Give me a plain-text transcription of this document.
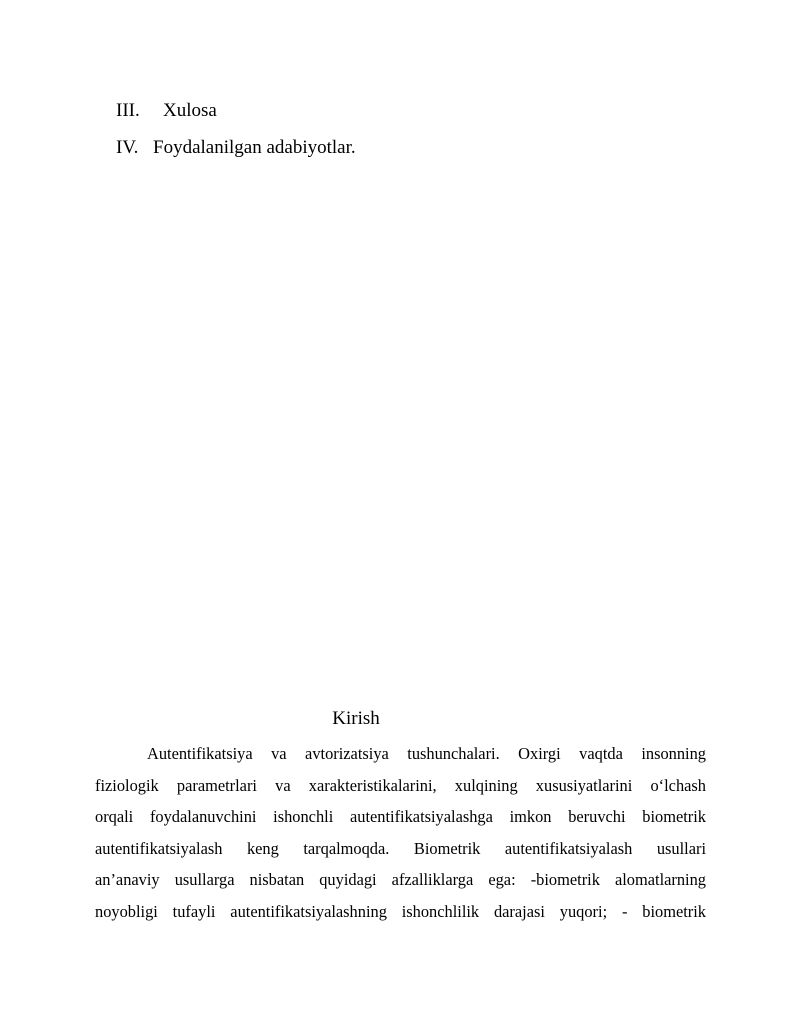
III.	Xulosa
IV. Foydalanilgan adabiyotlar.
Kirish
Autentifikatsiya va avtorizatsiya tushunchalari. Oxirgi vaqtda insonning
fiziologik parametrlari va xarakteristikalarini, xulqining xususiyatlarini o‘lchash
orqali foydalanuvchini ishonchli autentifikatsiyalashga imkon beruvchi biometrik
autentifikatsiyalash keng tarqalmoqda. Biometrik autentifikatsiyalash usullari
an’anaviy usullarga nisbatan quyidagi afzalliklarga ega: -biometrik alomatlarning
noyobligi tufayli autentifikatsiyalashning ishonchlilik darajasi yuqori; - biometrik
